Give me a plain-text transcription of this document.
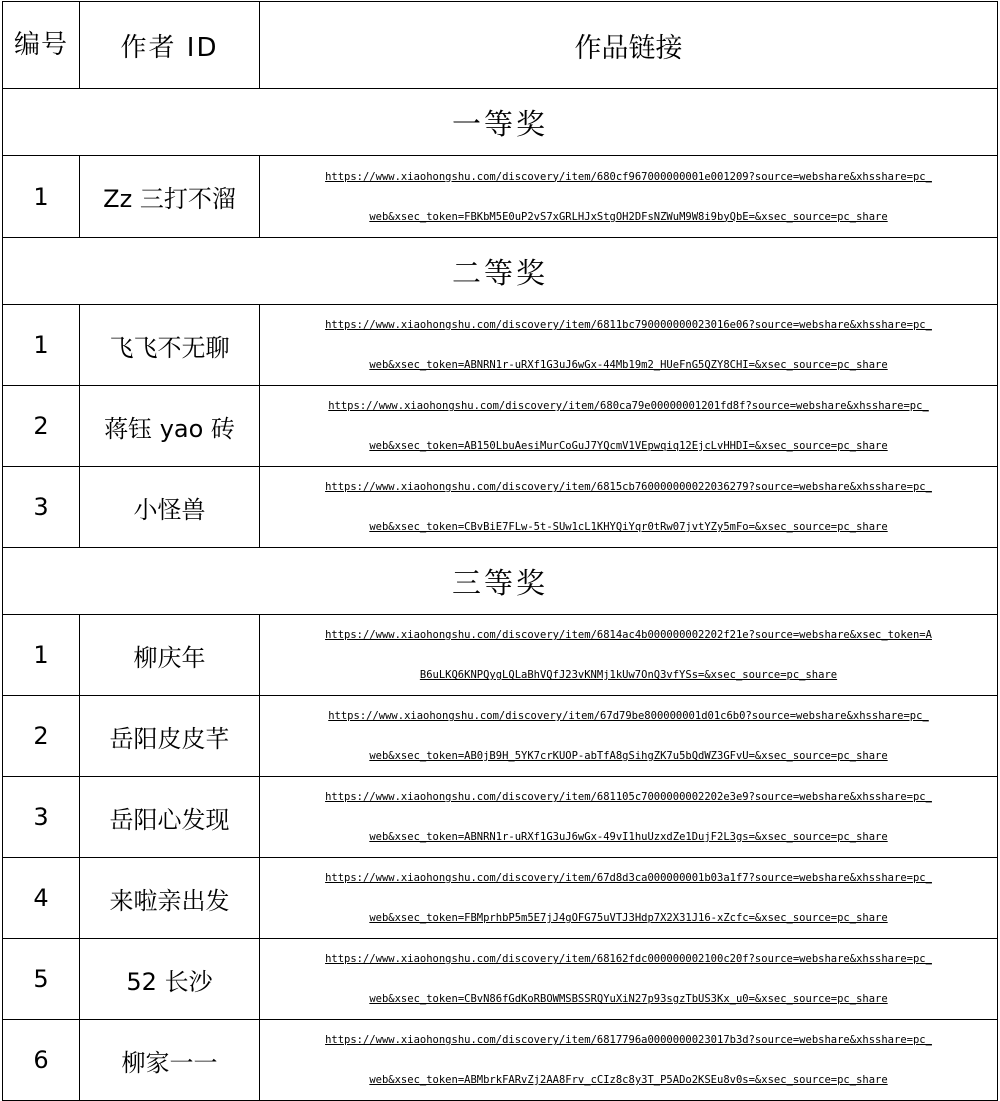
编号	作者 ID	作品链接
一等奖		
1	Zz 三打不溜	https://www.xiaohongshu.com/discovery/item/680cf967000000001e001209?source=webshare&xhsshare=pc_
web&xsec_token=FBKbM5E0uP2vS7xGRLHJxStgOH2DFsNZWuM9W8i9byQbE=&xsec_source=pc_share

二等奖		
1	飞飞不无聊	https://www.xiaohongshu.com/discovery/item/6811bc790000000023016e06?source=webshare&xhsshare=pc_
web&xsec_token=ABNRN1r-uRXf1G3uJ6wGx-44Mb19m2_HUeFnG5QZY8CHI=&xsec_source=pc_share

2	蒋钰 yao 砖	https://www.xiaohongshu.com/discovery/item/680ca79e00000001201fd8f?source=webshare&xhsshare=pc_
web&xsec_token=AB150LbuAesiMurCoGuJ7YQcmV1VEpwqiq12EjcLvHHDI=&xsec_source=pc_share

3	小怪兽	https://www.xiaohongshu.com/discovery/item/6815cb760000000022036279?source=webshare&xhsshare=pc_
web&xsec_token=CBvBiE7FLw-5t-SUw1cL1KHYQiYqr0tRw07jvtYZy5mFo=&xsec_source=pc_share

三等奖		
1	柳庆年	https://www.xiaohongshu.com/discovery/item/6814ac4b000000002202f21e?source=webshare&xsec_token=A
B6uLKQ6KNPQygLQLaBhVQfJ23vKNMj1kUw7OnQ3vfYSs=&xsec_source=pc_share

2	岳阳皮皮芊	https://www.xiaohongshu.com/discovery/item/67d79be800000001d01c6b0?source=webshare&xhsshare=pc_
web&xsec_token=AB0jB9H_5YK7crKUOP-abTfA8gSihgZK7u5bQdWZ3GFvU=&xsec_source=pc_share

3	岳阳心发现	https://www.xiaohongshu.com/discovery/item/681105c7000000002202e3e9?source=webshare&xhsshare=pc_
web&xsec_token=ABNRN1r-uRXf1G3uJ6wGx-49vI1huUzxdZe1DujF2L3gs=&xsec_source=pc_share

4	来啦亲出发	https://www.xiaohongshu.com/discovery/item/67d8d3ca000000001b03a1f7?source=webshare&xhsshare=pc_
web&xsec_token=FBMprhbP5m5E7jJ4gOFG75uVTJ3Hdp7X2X31J16-xZcfc=&xsec_source=pc_share

5	52 长沙	https://www.xiaohongshu.com/discovery/item/68162fdc000000002100c20f?source=webshare&xhsshare=pc_
web&xsec_token=CBvN86fGdKoRBOWMSBSSRQYuXiN27p93sgzTbUS3Kx_u0=&xsec_source=pc_share

6	柳家一一	https://www.xiaohongshu.com/discovery/item/6817796a0000000023017b3d?source=webshare&xhsshare=pc_
web&xsec_token=ABMbrkFARvZj2AA8Frv_cCIz8c8y3T_P5ADo2KSEu8v0s=&xsec_source=pc_share
